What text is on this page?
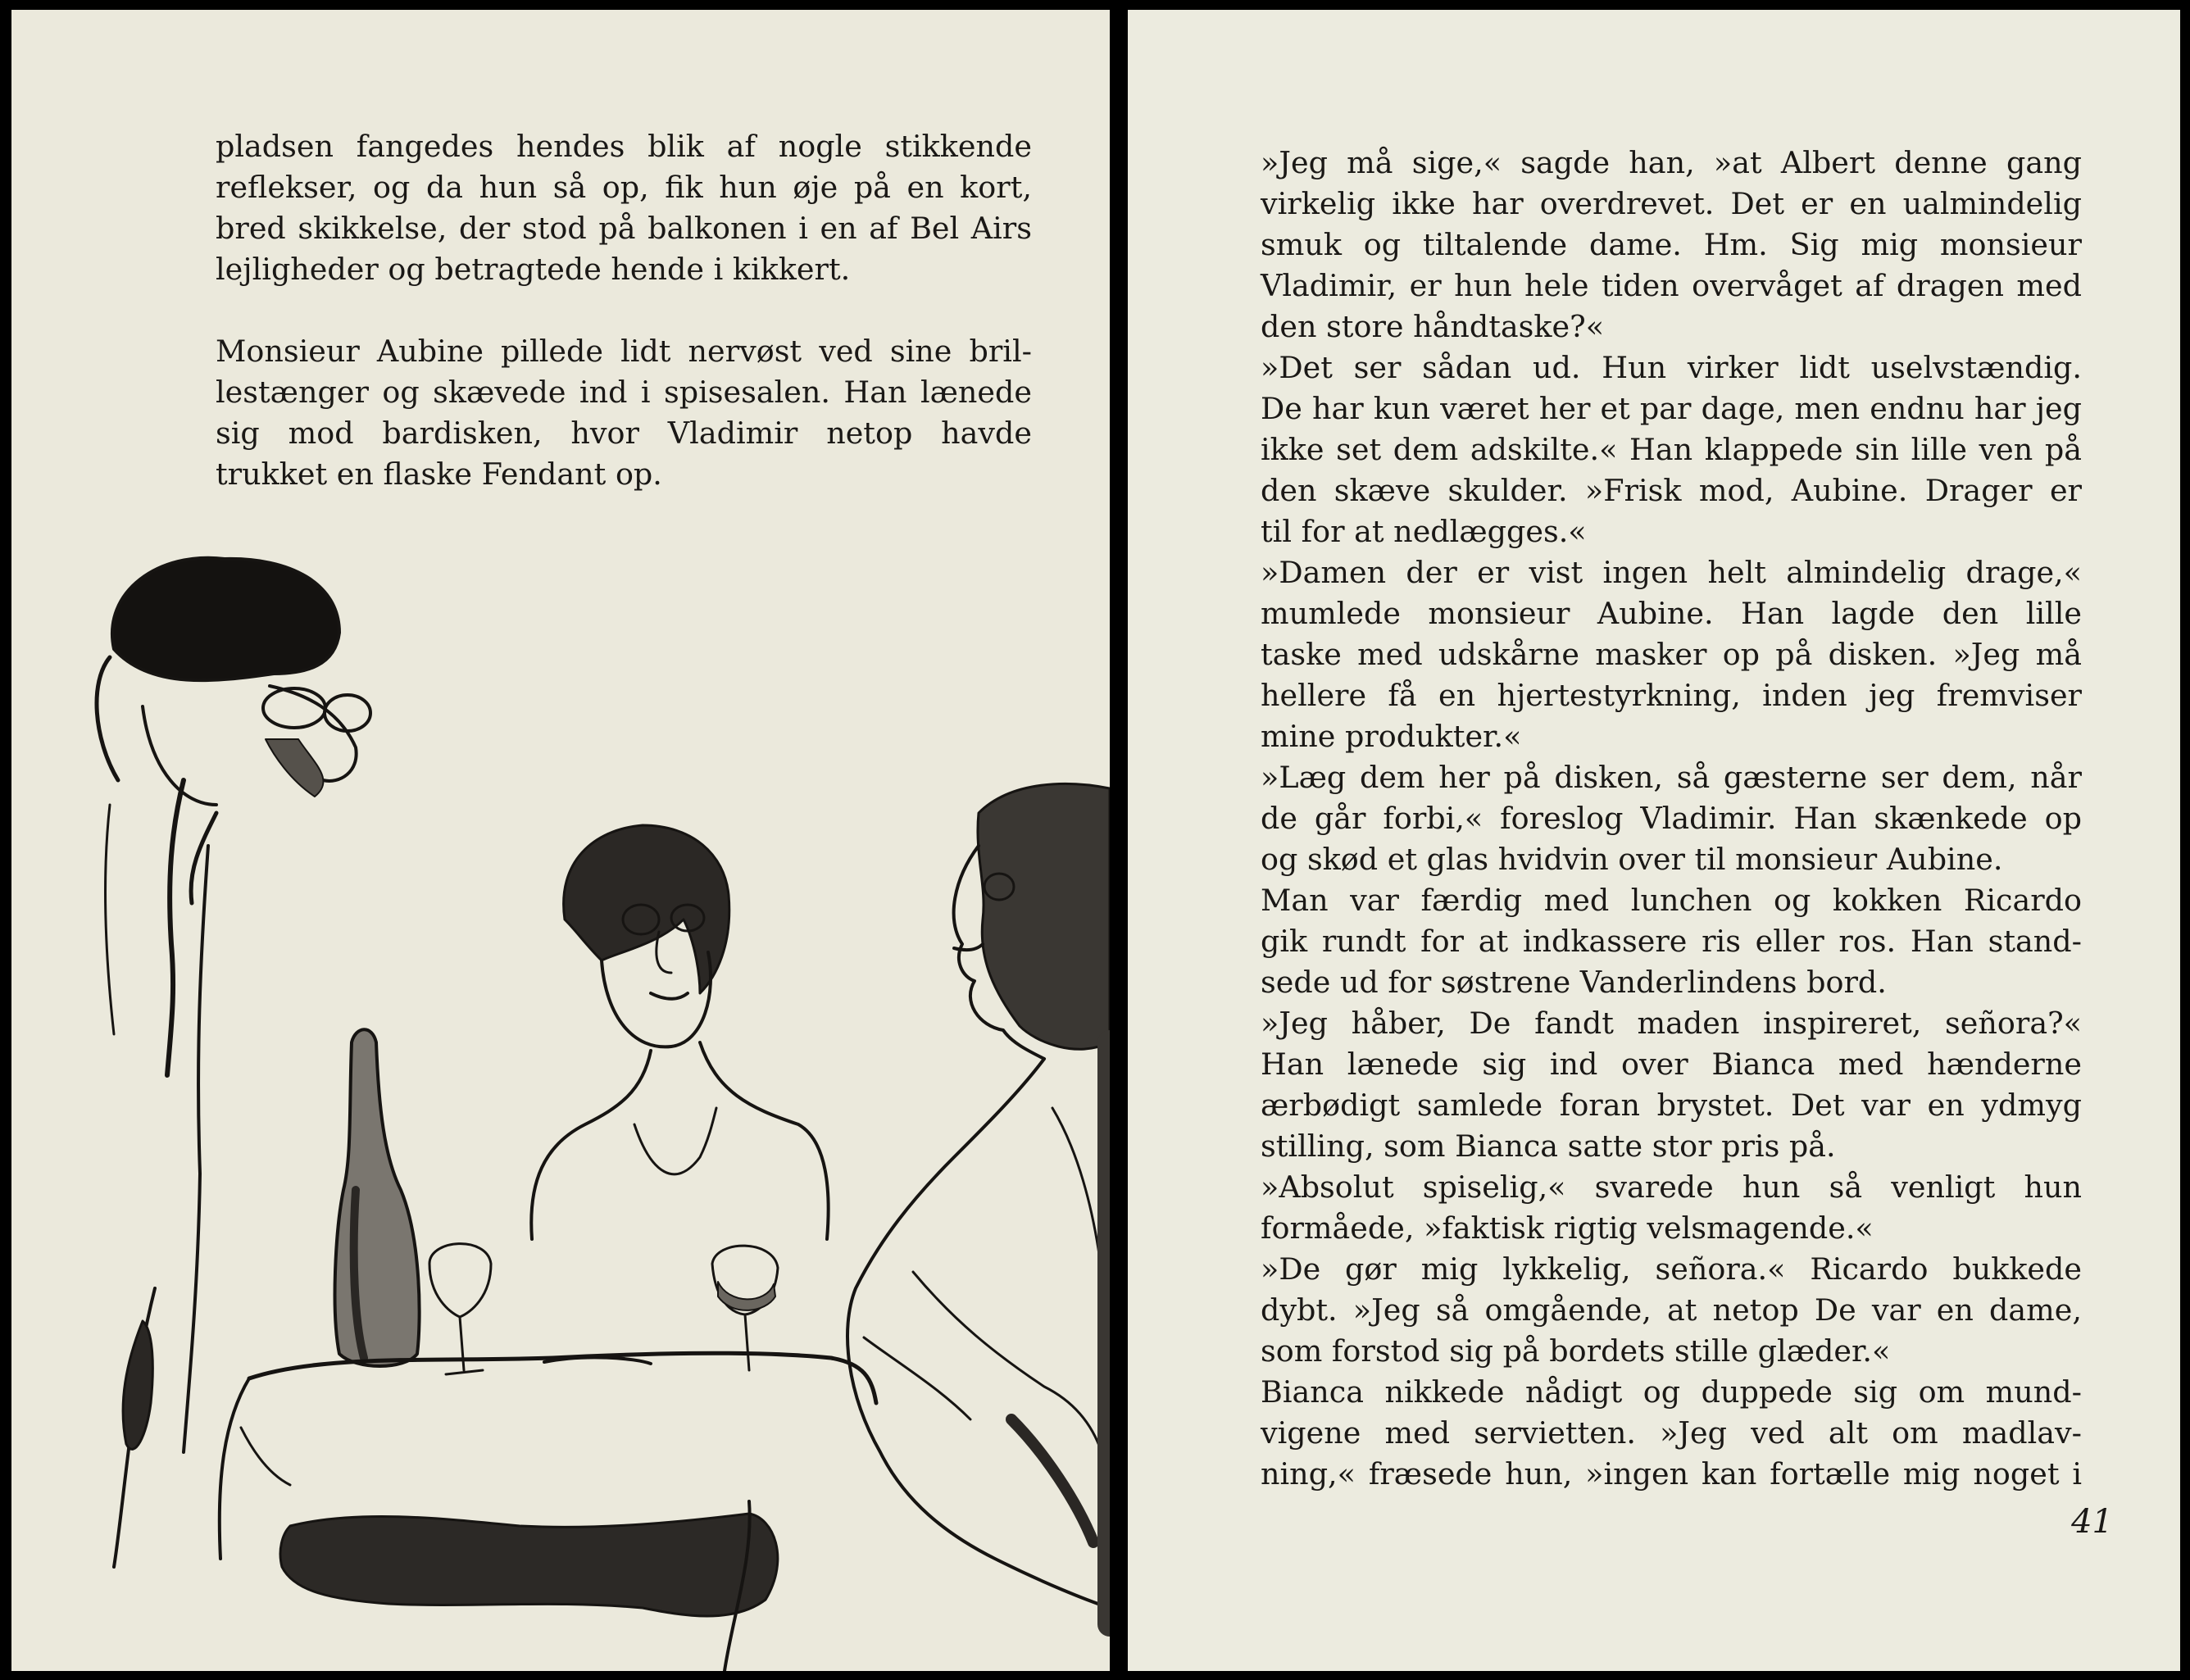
pladsen fangedes hendes blik af nogle stikkende
reflekser, og da hun så op, fik hun øje på en kort,
bred skikkelse, der stod på balkonen i en af Bel Airs
lejligheder og betragtede hende i kikkert.

Monsieur Aubine pillede lidt nervøst ved sine bril-
lestænger og skævede ind i spisesalen. Han lænede
sig mod bardisken, hvor Vladimir netop havde
trukket en flaske Fendant op.

»Jeg må sige,« sagde han, »at Albert denne gang
virkelig ikke har overdrevet. Det er en ualmindelig
smuk og tiltalende dame. Hm. Sig mig monsieur
Vladimir, er hun hele tiden overvåget af dragen med
den store håndtaske?«

»Det ser sådan ud. Hun virker lidt uselvstændig.
De har kun været her et par dage, men endnu har jeg
ikke set dem adskilte.« Han klappede sin lille ven på
den skæve skulder. »Frisk mod, Aubine. Drager er
til for at nedlægges.«

»Damen der er vist ingen helt almindelig drage,«
mumlede monsieur Aubine. Han lagde den lille
taske med udskårne masker op på disken. »Jeg må
hellere få en hjertestyrkning, inden jeg fremviser
mine produkter.«

»Læg dem her på disken, så gæsterne ser dem, når
de går forbi,« foreslog Vladimir. Han skænkede op
og skød et glas hvidvin over til monsieur Aubine.

Man var færdig med lunchen og kokken Ricardo
gik rundt for at indkassere ris eller ros. Han stand-
sede ud for søstrene Vanderlindens bord.

»Jeg håber, De fandt maden inspireret, señora?«
Han lænede sig ind over Bianca med hænderne
ærbødigt samlede foran brystet. Det var en ydmyg
stilling, som Bianca satte stor pris på.

»Absolut spiselig,« svarede hun så venligt hun
formåede, »faktisk rigtig velsmagende.«

»De gør mig lykkelig, señora.« Ricardo bukkede
dybt. »Jeg så omgående, at netop De var en dame,
som forstod sig på bordets stille glæder.«

Bianca nikkede nådigt og duppede sig om mund-
vigene med servietten. »Jeg ved alt om madlav-
ning,« fræsede hun, »ingen kan fortælle mig noget i

41
